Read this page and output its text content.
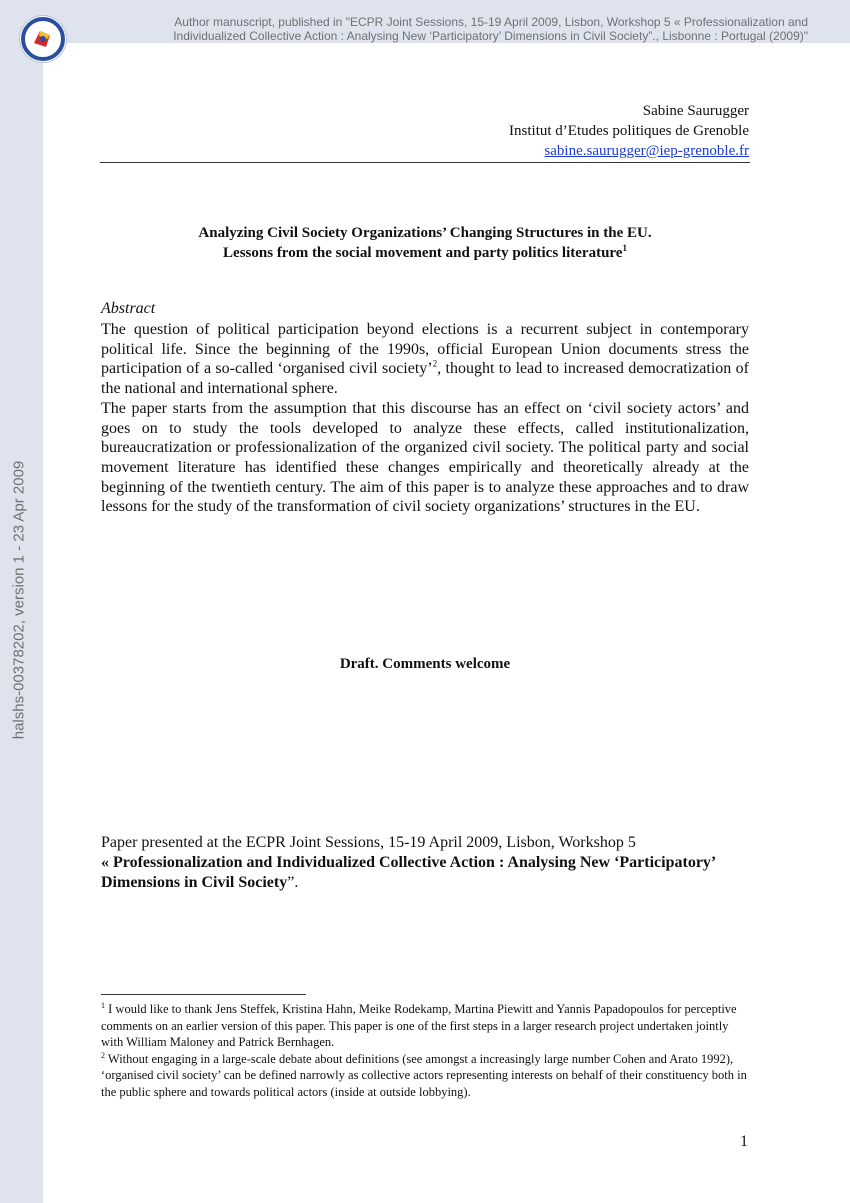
Author manuscript, published in "ECPR Joint Sessions, 15-19 April 2009, Lisbon, Workshop 5 « Professionalization and
Individualized Collective Action : Analysing New ‘Participatory’ Dimensions in Civil Society”., Lisbonne : Portugal (2009)"
halshs-00378202, version 1 - 23 Apr 2009
Sabine Saurugger
Institut d’Etudes politiques de Grenoble
sabine.saurugger@iep-grenoble.fr
Analyzing Civil Society Organizations’ Changing Structures in the EU.
Lessons from the social movement and party politics literature$^1$
Abstract

The question of political participation beyond elections is a recurrent subject in contemporary political life. Since the beginning of the 1990s, official European Union documents stress the participation of a so-called ‘organised civil society’$^2$, thought to lead to increased democratization of the national and international sphere.

The paper starts from the assumption that this discourse has an effect on ‘civil society actors’ and goes on to study the tools developed to analyze these effects, called institutionalization, bureaucratization or professionalization of the organized civil society. The political party and social movement literature has identified these changes empirically and theoretically already at the beginning of the twentieth century. The aim of this paper is to analyze these approaches and to draw lessons for the study of the transformation of civil society organizations’ structures in the EU.

Draft. Comments welcome
Paper presented at the ECPR Joint Sessions, 15-19 April 2009, Lisbon, Workshop 5
« Professionalization and Individualized Collective Action : Analysing New ‘Participatory’ Dimensions in Civil Society”.

$^1$ I would like to thank Jens Steffek, Kristina Hahn, Meike Rodekamp, Martina Piewitt and Yannis Papadopoulos for perceptive comments on an earlier version of this paper. This paper is one of the first steps in a larger research project undertaken jointly with William Maloney and Patrick Bernhagen.

$^2$ Without engaging in a large-scale debate about definitions (see amongst a increasingly large number Cohen and Arato 1992), ‘organised civil society’ can be defined narrowly as collective actors representing interests on behalf of their constituency both in the public sphere and towards political actors (inside at outside lobbying).

1
